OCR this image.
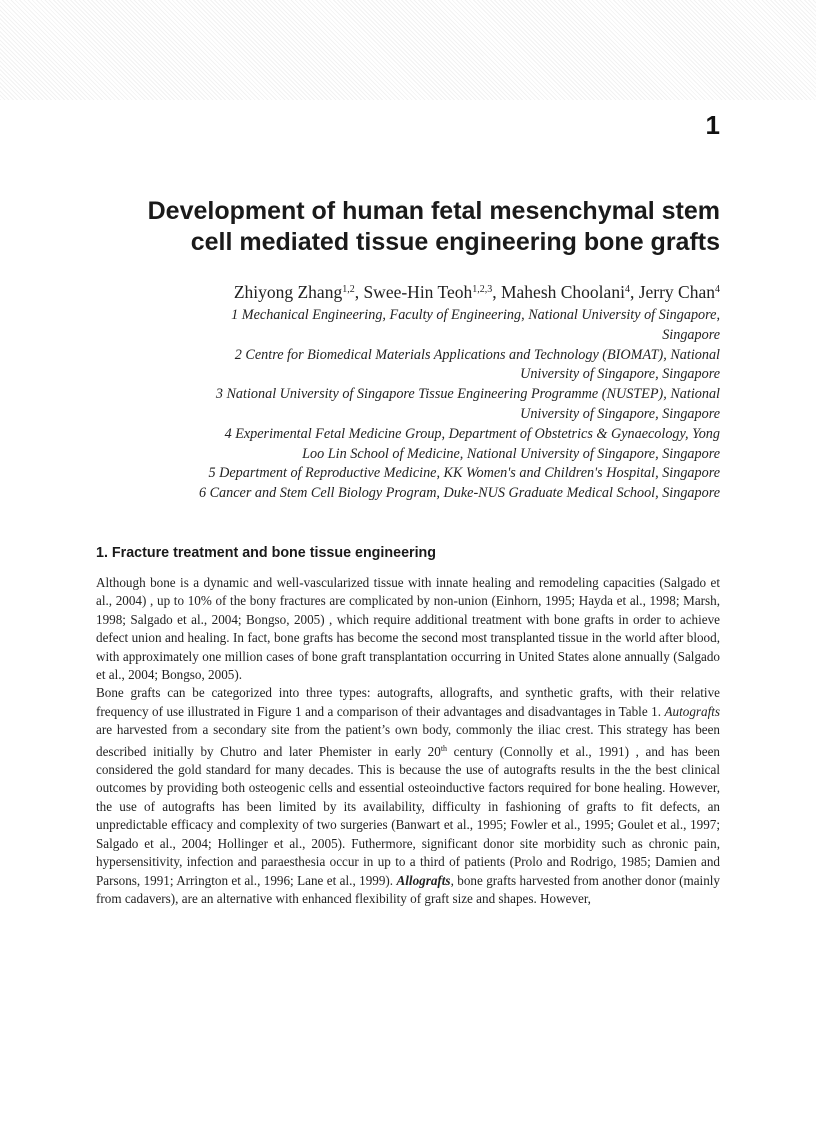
1
Development of human fetal mesenchymal stem
cell mediated tissue engineering bone grafts
Zhiyong Zhang$^{1,2}$, Swee-Hin Teoh$^{1,2,3}$, Mahesh Choolani$^4$, Jerry Chan$^4$
1 Mechanical Engineering, Faculty of Engineering, National University of Singapore,
Singapore
2 Centre for Biomedical Materials Applications and Technology (BIOMAT), National
University of Singapore, Singapore
3 National University of Singapore Tissue Engineering Programme (NUSTEP), National
University of Singapore, Singapore
4 Experimental Fetal Medicine Group, Department of Obstetrics & Gynaecology, Yong
Loo Lin School of Medicine, National University of Singapore, Singapore
5 Department of Reproductive Medicine, KK Women's and Children's Hospital, Singapore
6 Cancer and Stem Cell Biology Program, Duke-NUS Graduate Medical School, Singapore
1. Fracture treatment and bone tissue engineering

Although bone is a dynamic and well-vascularized tissue with innate healing and remodeling capacities (Salgado et al., 2004) , up to 10% of the bony fractures are complicated by non-union (Einhorn, 1995; Hayda et al., 1998; Marsh, 1998; Salgado et al., 2004; Bongso, 2005) , which require additional treatment with bone grafts in order to achieve defect union and healing. In fact, bone grafts has become the second most transplanted tissue in the world after blood, with approximately one million cases of bone graft transplantation occurring in United States alone annually (Salgado et al., 2004; Bongso, 2005).

Bone grafts can be categorized into three types: autografts, allografts, and synthetic grafts, with their relative frequency of use illustrated in Figure 1 and a comparison of their advantages and disadvantages in Table 1. Autografts are harvested from a secondary site from the patient’s own body, commonly the iliac crest. This strategy has been described initially by Chutro and later Phemister in early 20th century (Connolly et al., 1991) , and has been considered the gold standard for many decades. This is because the use of autografts results in the the best clinical outcomes by providing both osteogenic cells and essential osteoinductive factors required for bone healing. However, the use of autografts has been limited by its availability, difficulty in fashioning of grafts to fit defects, an unpredictable efficacy and complexity of two surgeries (Banwart et al., 1995; Fowler et al., 1995; Goulet et al., 1997; Salgado et al., 2004; Hollinger et al., 2005). Futhermore, significant donor site morbidity such as chronic pain, hypersensitivity, infection and paraesthesia occur in up to a third of patients (Prolo and Rodrigo, 1985; Damien and Parsons, 1991; Arrington et al., 1996; Lane et al., 1999). Allografts, bone grafts harvested from another donor (mainly from cadavers), are an alternative with enhanced flexibility of graft size and shapes. However,
